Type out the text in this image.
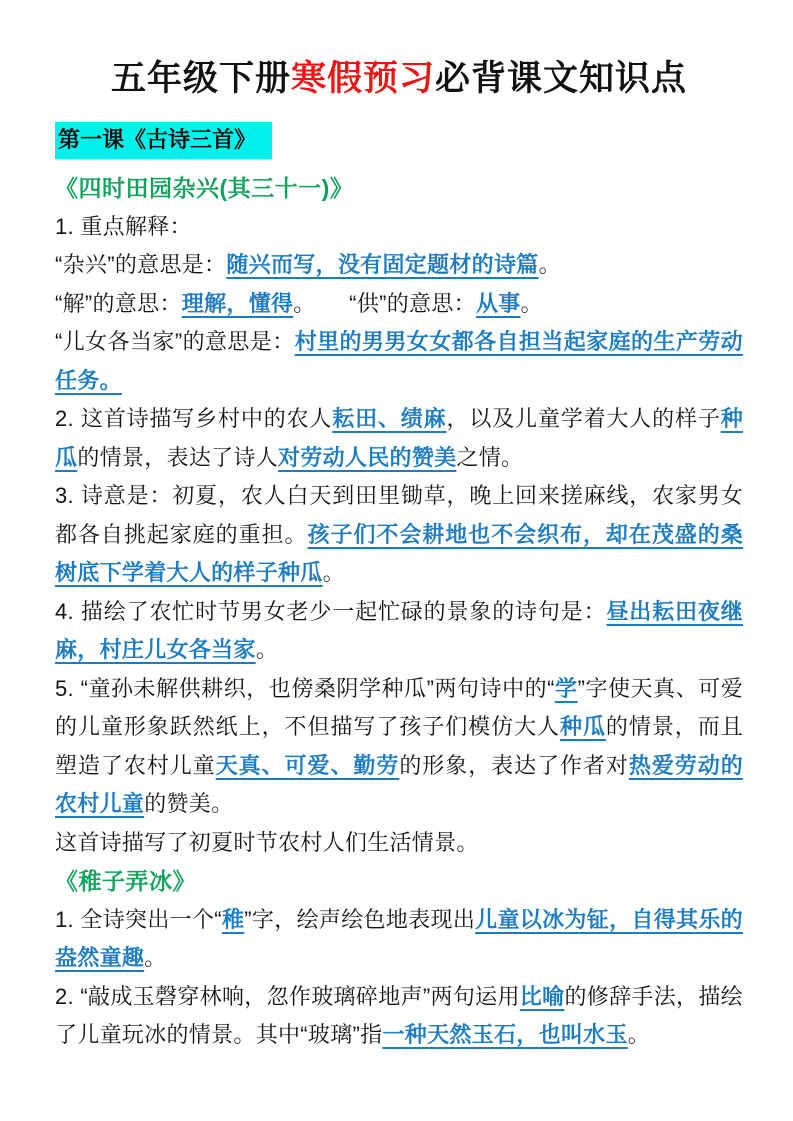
五年级下册寒假预习必背课文知识点
第一课《古诗三首》
《四时田园杂兴(其三十一)》

1. 重点解释：

“杂兴”的意思是：随兴而写，没有固定题材的诗篇。

“解”的意思：理解，懂得。　　“供”的意思：从事。

“儿女各当家”的意思是：村里的男男女女都各自担当起家庭的生产劳动任务。

2. 这首诗描写乡村中的农人耘田、绩麻，以及儿童学着大人的样子种瓜的情景，表达了诗人对劳动人民的赞美之情。

3. 诗意是：初夏，农人白天到田里锄草，晚上回来搓麻线，农家男女都各自挑起家庭的重担。孩子们不会耕地也不会织布，却在茂盛的桑树底下学着大人的样子种瓜。

4. 描绘了农忙时节男女老少一起忙碌的景象的诗句是：昼出耘田夜继麻，村庄儿女各当家。

5. “童孙未解供耕织，也傍桑阴学种瓜”两句诗中的“学”字使天真、可爱的儿童形象跃然纸上，不但描写了孩子们模仿大人种瓜的情景，而且塑造了农村儿童天真、可爱、勤劳的形象，表达了作者对热爱劳动的农村儿童的赞美。

这首诗描写了初夏时节农村人们生活情景。

《稚子弄冰》

1. 全诗突出一个“稚”字，绘声绘色地表现出儿童以冰为钲，自得其乐的盎然童趣。

2. “敲成玉磬穿林响，忽作玻璃碎地声”两句运用比喻的修辞手法，描绘了儿童玩冰的情景。其中“玻璃”指一种天然玉石，也叫水玉。
